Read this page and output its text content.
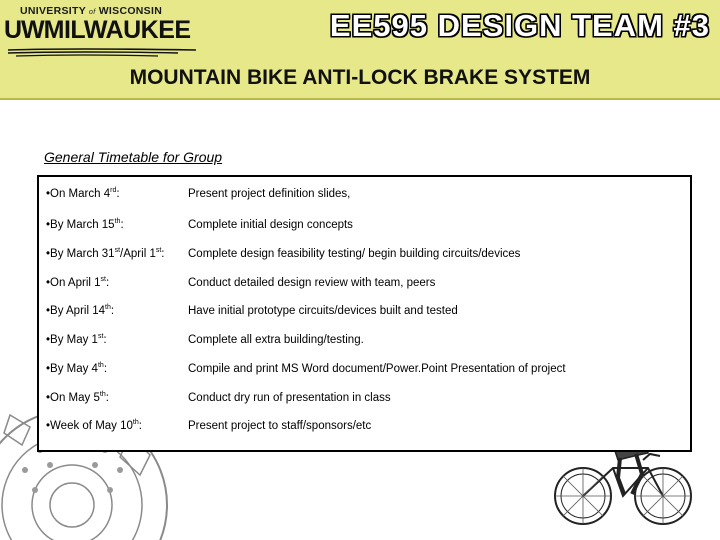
UNIVERSITY of WISCONSIN
UWMILWAUKEE	EE595 DESIGN TEAM #3
MOUNTAIN BIKE ANTI-LOCK BRAKE SYSTEM
General Timetable for Group
•On March 4rd:	Present project definition slides,
•By March 15th:	Complete initial design concepts
•By March 31st/April 1st: Complete design feasibility testing/ begin building circuits/devices
•On April 1st:	Conduct detailed design review with team, peers
•By April 14th:	Have initial prototype circuits/devices built and tested
•By May 1st:	Complete all extra building/testing.
•By May 4th:	Compile and print MS Word document/Power.Point Presentation of project
•On May 5th:	Conduct dry run of presentation in class
•Week of May 10th:	Present project to staff/sponsors/etc
